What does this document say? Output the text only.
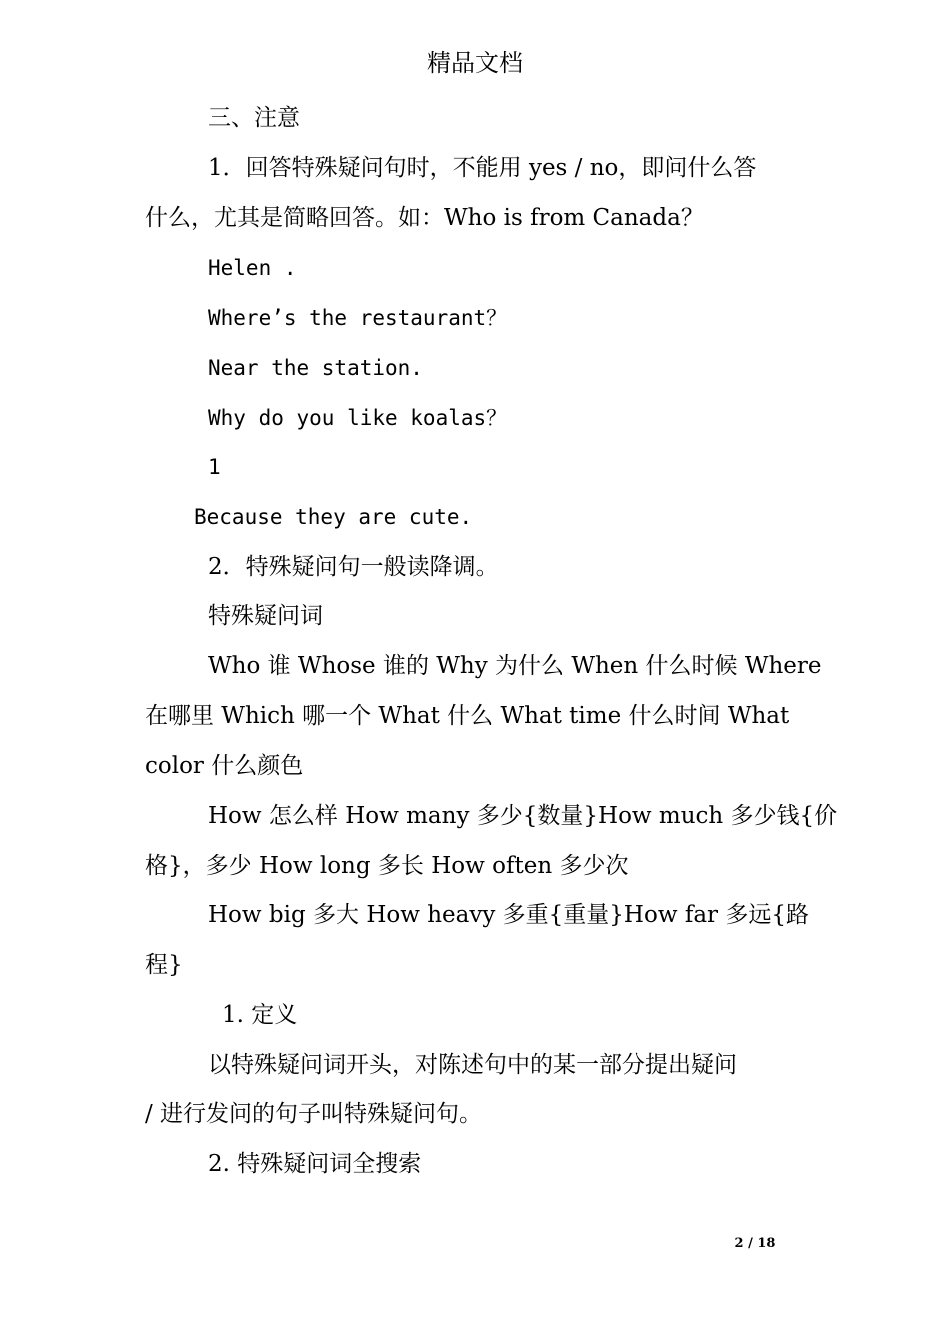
精品文档
三、注意
1．回答特殊疑问句时，不能用 yes / no，即问什么答
什么，尤其是简略回答。如：Who is from Canada？
Helen .
Where’s the restaurant？
Near the station.
Why do you like koalas？
1
Because they are cute.
2．特殊疑问句一般读降调。
特殊疑问词
Who 谁 Whose 谁的 Why 为什么 When 什么时候 Where
在哪里 Which 哪一个 What 什么 What time 什么时间 What
color 什么颜色
How 怎么样 How many 多少{数量}How much 多少钱{价
格}，多少 How long 多长 How often 多少次
How big 多大 How heavy 多重{重量}How far 多远{路
程}
1. 定义
以特殊疑问词开头，对陈述句中的某一部分提出疑问
/ 进行发问的句子叫特殊疑问句。
2. 特殊疑问词全搜索
2 / 18
